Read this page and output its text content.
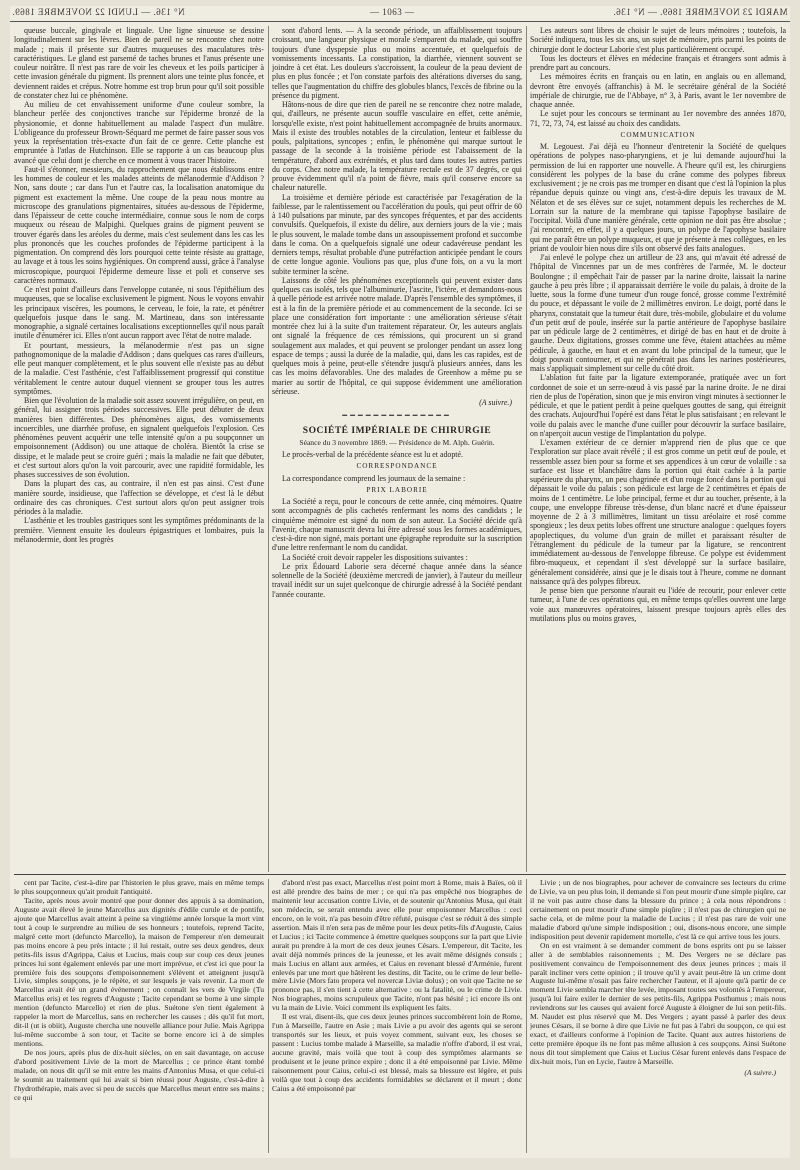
N° 136. — LUNDI 22 NOVEMBRE 1869.	— 1063 —	MARDI 23 NOVEMBRE 1869. — N° 136.

queuse buccale, gingivale et linguale. Une ligne sinueuse se dessine longitudinalement sur les lèvres. Bien de pareil ne se rencontre chez notre malade ; mais il présente sur d'autres muqueuses des maculatures très-caractéristiques. Le gland est parsemé de taches brunes et l'anus présente une couleur noirâtre. Il n'est pas rare de voir les cheveux et les poils participer à cette invasion générale du pigment. Ils prennent alors une teinte plus foncée, et deviennent raides et crépus. Notre homme est trop brun pour qu'il soit possible de constater chez lui ce phénomène.

Au milieu de cet envahissement uniforme d'une couleur sombre, la blancheur perlée des conjonctives tranche sur l'épiderme bronzé de la physionomie, et donne habituellement au malade l'aspect d'un mulâtre. L'obligeance du professeur Brown-Séquard me permet de faire passer sous vos yeux la représentation très-exacte d'un fait de ce genre. Cette planche est empruntée à l'atlas de Hutchinson. Elle se rapporte à un cas beaucoup plus avancé que celui dont je cherche en ce moment à vous tracer l'histoire.

Faut-il s'étonner, messieurs, du rapprochement que nous établissons entre les hommes de couleur et les malades atteints de mélanodermie d'Addison ? Non, sans doute ; car dans l'un et l'autre cas, la localisation anatomique du pigment est exactement la même. Une coupe de la peau nous montre au microscope des granulations pigmentaires, situées au-dessous de l'épiderme, dans l'épaisseur de cette couche intermédiaire, connue sous le nom de corps muqueux ou réseau de Malpighi. Quelques grains de pigment peuvent se trouver égarés dans les aréoles du derme, mais c'est seulement dans les cas les plus prononcés que les couches profondes de l'épiderme participent à la pigmentation. On comprend dès lors pourquoi cette teinte résiste au grattage, au lavage et à tous les soins hygiéniques. On comprend aussi, grâce à l'analyse microscopique, pourquoi l'épiderme demeure lisse et poli et conserve ses caractères normaux.

Ce n'est point d'ailleurs dans l'enveloppe cutanée, ni sous l'épithélium des muqueuses, que se localise exclusivement le pigment. Nous le voyons envahir les principaux viscères, les poumons, le cerveau, le foie, la rate, et pénétrer quelquefois jusque dans le sang. M. Martineau, dans son intéressante monographie, a signalé certaines localisations exceptionnelles qu'il nous paraît inutile d'énumérer ici. Elles n'ont aucun rapport avec l'état de notre malade.

Et pourtant, messieurs, la mélanodermie n'est pas un signe pathognomonique de la maladie d'Addison ; dans quelques cas rares d'ailleurs, elle peut manquer complètement, et le plus souvent elle n'existe pas au début de la maladie. C'est l'asthénie, c'est l'affaiblissement progressif qui constitue véritablement le centre autour duquel viennent se grouper tous les autres symptômes.

Bien que l'évolution de la maladie soit assez souvent irrégulière, on peut, en général, lui assigner trois périodes successives. Elle peut débuter de deux manières bien différentes. Des phénomènes aigus, des vomissements incoercibles, une diarrhée profuse, en signalent quelquefois l'explosion. Ces phénomènes peuvent acquérir une telle intensité qu'on a pu soupçonner un empoisonnement (Addison) ou une attaque de choléra. Bientôt la crise se dissipe, et le malade peut se croire guéri ; mais la maladie ne fait que débuter, et c'est surtout alors qu'on la voit parcourir, avec une rapidité formidable, les phases successives de son évolution.

Dans la plupart des cas, au contraire, il n'en est pas ainsi. C'est d'une manière sourde, insidieuse, que l'affection se développe, et c'est là le début ordinaire des cas chroniques. C'est surtout alors qu'on peut assigner trois périodes à la maladie.

L'asthénie et les troubles gastriques sont les symptômes prédominants de la première. Viennent ensuite les douleurs épigastriques et lombaires, puis la mélanodermie, dont les progrès

sont d'abord lents. — A la seconde période, un affaiblissement toujours croissant, une langueur physique et morale s'emparent du malade, qui souffre toujours d'une dyspepsie plus ou moins accentuée, et quelquefois de vomissements incessants. La constipation, la diarrhée, viennent souvent se joindre à cet état. Les douleurs s'accroissent, la couleur de la peau devient de plus en plus foncée ; et l'on constate parfois des altérations diverses du sang, telles que l'augmentation du chiffre des globules blancs, l'excès de fibrine ou la présence du pigment.

Hâtons-nous de dire que rien de pareil ne se rencontre chez notre malade, qui, d'ailleurs, ne présente aucun souffle vasculaire en effet, cette anémie, lorsqu'elle existe, n'est point habituellement accompagnée de bruits anormaux. Mais il existe des troubles notables de la circulation, lenteur et faiblesse du pouls, palpitations, syncopes ; enfin, le phénomène qui marque surtout le passage de la seconde à la troisième période est l'abaissement de la température, d'abord aux extrémités, et plus tard dans toutes les autres parties du corps. Chez notre malade, la température rectale est de 37 degrés, ce qui prouve évidemment qu'il n'a point de fièvre, mais qu'il conserve encore sa chaleur naturelle.

La troisième et dernière période est caractérisée par l'exagération de la faiblesse, par le ralentissement ou l'accélération du pouls, qui peut offrir de 60 à 140 pulsations par minute, par des syncopes fréquentes, et par des accidents convulsifs. Quelquefois, il existe du délire, aux derniers jours de la vie ; mais le plus souvent, le malade tombe dans un assoupissement profond et succombe dans le coma. On a quelquefois signalé une odeur cadavéreuse pendant les derniers temps, résultat probable d'une putréfaction anticipée pendant le cours de cette longue agonie. Voulions pas que, plus d'une fois, on a vu la mort subite terminer la scène.

Laissons de côté les phénomènes exceptionnels qui peuvent exister dans quelques cas isolés, tels que l'albuminurie, l'ascite, l'ictère, et demandons-nous à quelle période est arrivée notre malade. D'après l'ensemble des symptômes, il est à la fin de la première période et au commencement de la seconde. Ici se place une considération fort importante : une amélioration sérieuse s'était montrée chez lui à la suite d'un traitement réparateur. Or, les auteurs anglais ont signalé la fréquence de ces rémissions, qui procurent un si grand soulagement aux malades, et qui peuvent se prolonger pendant un assez long espace de temps ; aussi la durée de la maladie, qui, dans les cas rapides, est de quelques mois à peine, peut-elle s'étendre jusqu'à plusieurs années, dans les cas les moins défavorables. Une des malades de Greenhow a même pu se marier au sortir de l'hôpital, ce qui suppose évidemment une amélioration sérieuse.

(A suivre.)
━━━━━━━━━━━━━━
SOCIÉTÉ IMPÉRIALE DE CHIRURGIE
Séance du 3 novembre 1869. — Présidence de M. Alph. Guérin.

Le procès-verbal de la précédente séance est lu et adopté.

CORRESPONDANCE

La correspondance comprend les journaux de la semaine :

PRIX LABORIE

La Société a reçu, pour le concours de cette année, cinq mémoires. Quatre sont accompagnés de plis cachetés renfermant les noms des candidats ; le cinquième mémoire est signé du nom de son auteur. La Société décide qu'à l'avenir, chaque manuscrit devra lui être adressé sous les formes académiques, c'est-à-dire non signé, mais portant une épigraphe reproduite sur la suscription d'une lettre renfermant le nom du candidat.

La Société croit devoir rappeler les dispositions suivantes :

Le prix Édouard Laborie sera décerné chaque année dans la séance solennelle de la Société (deuxième mercredi de janvier), à l'auteur du meilleur travail inédit sur un sujet quelconque de chirurgie adressé à la Société pendant l'année courante.

Les auteurs sont libres de choisir le sujet de leurs mémoires ; toutefois, la Société indiquera, tous les six ans, un sujet de mémoire, pris parmi les points de chirurgie dont le docteur Laborie s'est plus particulièrement occupé.

Tous les docteurs et élèves en médecine français et étrangers sont admis à prendre part au concours.

Les mémoires écrits en français ou en latin, en anglais ou en allemand, devront être envoyés (affranchis) à M. le secrétaire général de la Société impériale de chirurgie, rue de l'Abbaye, n° 3, à Paris, avant le 1er novembre de chaque année.

Le sujet pour les concours se terminant au 1er novembre des années 1870, 71, 72, 73, 74, est laissé au choix des candidats.

COMMUNICATION

M. Legouest. J'ai déjà eu l'honneur d'entretenir la Société de quelques opérations de polypes naso-pharyngiens, et je lui demande aujourd'hui la permission de lui en rapporter une nouvelle. A l'heure qu'il est, les chirurgiens considèrent les polypes de la base du crâne comme des polypes fibreux exclusivement ; je ne crois pas me tromper en disant que c'est là l'opinion la plus répandue depuis quinze ou vingt ans, c'est-à-dire depuis les travaux de M. Nélaton et de ses élèves sur ce sujet, notamment depuis les recherches de M. Lorrain sur la nature de la membrane qui tapisse l'apophyse basilaire de l'occipital. Voilà d'une manière générale, cette opinion ne doit pas être absolue ; j'ai rencontré, en effet, il y a quelques jours, un polype de l'apophyse basilaire qui me paraît être un polype muqueux, et que je présente à mes collègues, en les priant de vouloir bien nous dire s'ils ont observé des faits analogues.

J'ai enlevé le polype chez un artilleur de 23 ans, qui m'avait été adressé de l'hôpital de Vincennes par un de mes confrères de l'armée, M. le docteur Boulongne ; il empêchait l'air de passer par la narine droite, laissait la narine gauche à peu près libre ; il apparaissait derrière le voile du palais, à droite de la luette, sous la forme d'une tumeur d'un rouge foncé, grosse comme l'extrémité du pouce, et dépassant le voile de 2 millimètres environ. Le doigt, porté dans le pharynx, constatait que la tumeur était dure, très-mobile, globulaire et du volume d'un petit œuf de poule, insérée sur la partie antérieure de l'apophyse basilaire par un pédicule large de 2 centimètres, et dirigé de bas en haut et de droite à gauche. Deux digitations, grosses comme une fève, étaient attachées au même pédicule, à gauche, en haut et en avant du lobe principal de la tumeur, que le doigt pouvait contourner, et qui ne pénétrait pas dans les narines postérieures, mais s'appliquait simplement sur celle du côté droit.

L'ablation fut faite par la ligature extemporanée, pratiquée avec un fort cordonnet de soie et un serre-nœud à vis passé par la narine droite. Je ne dirai rien de plus de l'opération, sinon que je mis environ vingt minutes à sectionner le pédicule, et que le patient perdit à peine quelques gouttes de sang, qui étreignit des crachats. Aujourd'hui l'opéré est dans l'état le plus satisfaisant ; en relevant le voile du palais avec le manche d'une cuiller pour découvrir la surface basilaire, on n'aperçoit aucun vestige de l'implantation du polype.

L'examen extérieur de ce dernier m'apprend rien de plus que ce que l'exploration sur place avait révélé ; il est gros comme un petit œuf de poule, et ressemble assez bien pour sa forme et ses appendices à un cœur de volaille : sa surface est lisse et blanchâtre dans la portion qui était cachée à la partie supérieure du pharynx, un peu chagrinée et d'un rouge foncé dans la portion qui dépassait le voile du palais ; son pédicule est large de 2 centimètres et épais de moins de 1 centimètre. Le lobe principal, ferme et dur au toucher, présente, à la coupe, une enveloppe fibreuse très-dense, d'un blanc nacré et d'une épaisseur moyenne de 2 à 3 millimètres, limitant un tissu aréolaire et rosé comme spongieux ; les deux petits lobes offrent une structure analogue : quelques foyers apoplectiques, du volume d'un grain de millet et paraissant résulter de l'étranglement du pédicule de la tumeur par la ligature, se rencontrent immédiatement au-dessous de l'enveloppe fibreuse. Ce polype est évidemment fibro-muqueux, et cependant il s'est développé sur la surface basilaire, généralement considérée, ainsi que je le disais tout à l'heure, comme ne donnant naissance qu'à des polypes fibreux.

Je pense bien que personne n'aurait eu l'idée de recourir, pour enlever cette tumeur, à l'une de ces opérations qui, en même temps qu'elles ouvrent une large voie aux manœuvres opératoires, laissent presque toujours après elles des mutilations plus ou moins graves,

cent par Tacite, c'est-à-dire par l'historien le plus grave, mais en même temps le plus soupçonneux qu'ait produit l'antiquité.

Tacite, après nous avoir montré que pour donner des appuis à sa domination, Auguste avait élevé le jeune Marcellus aux dignités d'édile curule et de pontife, ajoute que Marcellus avait atteint à peine sa vingtième année lorsque la mort vint tout à coup le surprendre au milieu de ses honneurs ; toutefois, reprend Tacite, malgré cette mort (defuncto Marcello), la maison de l'empereur n'en demeurait pas moins encore à peu près intacte ; il lui restait, outre ses deux gendres, deux petits-fils issus d'Agrippa, Caius et Lucius, mais coup sur coup ces deux jeunes princes lui sont également enlevés par une mort imprévue, et c'est ici que pour la première fois des soupçons d'empoisonnement s'élèvent et atteignent jusqu'à Livie, simples soupçons, je le répète, et sur lesquels je vais revenir. La mort de Marcellus avait été un grand événement ; on connaît les vers de Virgile (Tu Marcellus eris) et les regrets d'Auguste ; Tacite cependant se borne à une simple mention (defuncto Marcello) et rien de plus. Suétone s'en tient également à rappeler la mort de Marcellus, sans en rechercher les causes ; dès qu'il fut mort, dit-il (ut is obiit), Auguste chercha une nouvelle alliance pour Julie. Mais Agrippa lui-même succombe à son tour, et Tacite se borne encore ici à de simples mentions.

De nos jours, après plus de dix-huit siècles, on en sait davantage, on accuse d'abord positivement Livie de la mort de Marcellus ; ce prince étant tombé malade, on nous dit qu'il se mit entre les mains d'Antonius Musa, et que celui-ci le soumit au traitement qui lui avait si bien réussi pour Auguste, c'est-à-dire à l'hydrothérapie, mais avec si peu de succès que Marcellus meurt entre ses mains ; ce qui

d'abord n'est pas exact, Marcellus n'est point mort à Rome, mais à Baïes, où il est allé prendre des bains de mer ; ce qui n'a pas empêché nos biographes de maintenir leur accusation contre Livie, et de soutenir qu'Antonius Musa, qui était son médecin, se serait entendu avec elle pour empoisonner Marcellus : ceci encore, on le voit, n'a pas besoin d'être réfuté, puisque c'est se réduit à des simple assertion. Mais il n'en sera pas de même pour les deux petits-fils d'Auguste, Caius et Lucius ; ici Tacite commence à émettre quelques soupçons sur la part que Livie aurait pu prendre à la mort de ces deux jeunes Césars. L'empereur, dit Tacite, les avait déjà nommés princes de la jeunesse, et les avait même désignés consuls ; mais Lucius en allant aux armées, et Caius en revenant blessé d'Arménie, furent enlevés par une mort que hâtèrent les destins, dit Tacite, ou le crime de leur belle-mère Livie (Mors fato propera vel novercæ Liviæ dolus) ; on voit que Tacite ne se prononce pas, il s'en tient à cette alternative : ou la fatalité, ou le crime de Livie. Nos biographes, moins scrupuleux que Tacite, n'ont pas hésité ; ici encore ils ont vu la main de Livie. Voici comment ils expliquent les faits.

Il est vrai, disent-ils, que ces deux jeunes princes succombèrent loin de Rome, l'un à Marseille, l'autre en Asie ; mais Livie a pu avoir des agents qui se seront transportés sur les lieux, et puis voyez comment, suivant eux, les choses se passent : Lucius tombe malade à Marseille, sa maladie n'offre d'abord, il est vrai, aucune gravité, mais voilà que tout à coup des symptômes alarmants se produisent et le jeune prince expire ; donc il a été empoisonné par Livie. Même raisonnement pour Caius, celui-ci est blessé, mais sa blessure est légère, et puis voilà que tout à coup des accidents formidables se déclarent et il meurt ; donc Caius a été empoisonné par

Livie ; un de nos biographes, pour achever de convaincre ses lecteurs du crime de Livie, va un peu plus loin, il demande si l'on peut mourir d'une simple piqûre, car il ne voit pas autre chose dans la blessure du prince ; à cela nous répondrons : certainement on peut mourir d'une simple piqûre ; il n'est pas de chirurgien qui ne sache cela, et de même pour la maladie de Lucius ; il n'est pas rare de voir une maladie d'abord qu'une simple indisposition ; oui, disons-nous encore, une simple indisposition peut devenir rapidement mortelle, c'est là ce qui arrive tous les jours.

On en est vraiment à se demander comment de bons esprits ont pu se laisser aller à de semblables raisonnements ; M. Des Vergers ne se déclare pas positivement convaincu de l'empoisonnement des deux jeunes princes ; mais il paraît incliner vers cette opinion ; il trouve qu'il y avait peut-être là un crime dont Auguste lui-même n'osait pas faire rechercher l'auteur, et il ajoute qu'à partir de ce moment Livie sembla marcher tête levée, imposant toutes ses volontés à l'empereur, jusqu'à lui faire exiler le dernier de ses petits-fils, Agrippa Posthumus ; mais nous reviendrons sur les causes qui avaient forcé Auguste à éloigner de lui son petit-fils. M. Naudet est plus réservé que M. Des Vergers ; ayant passé à parler des deux jeunes Césars, il se borne à dire que Livie ne fut pas à l'abri du soupçon, ce qui est exact, et d'ailleurs conforme à l'opinion de Tacite. Quant aux autres historiens de cette première époque ils ne font pas même allusion à ces soupçons. Ainsi Suétone nous dit tout simplement que Caius et Lucius César furent enlevés dans l'espace de dix-huit mois, l'un en Lycie, l'autre à Marseille.

(A suivre.)
